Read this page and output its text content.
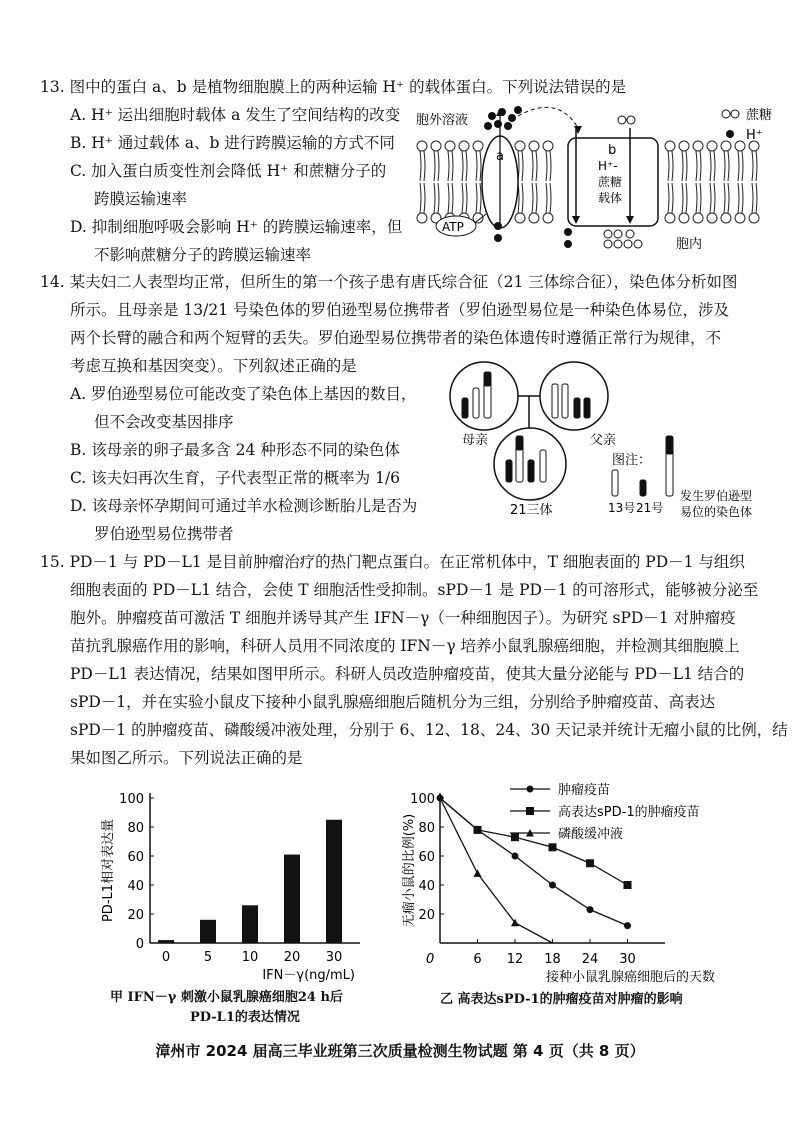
13. 图中的蛋白 a、b 是植物细胞膜上的两种运输 H⁺ 的载体蛋白。下列说法错误的是
A. H⁺ 运出细胞时载体 a 发生了空间结构的改变
B. H⁺ 通过载体 a、b 进行跨膜运输的方式不同
C. 加入蛋白质变性剂会降低 H⁺ 和蔗糖分子的
跨膜运输速率
D. 抑制细胞呼吸会影响 H⁺ 的跨膜运输速率，但
不影响蔗糖分子的跨膜运输速率
胞外溶液
胞内
a
ATP
b
H⁺-
蔗糖
载体
蔗糖
H⁺
14. 某夫妇二人表型均正常，但所生的第一个孩子患有唐氏综合征（21 三体综合征），染色体分析如图
所示。且母亲是 13/21 号染色体的罗伯逊型易位携带者（罗伯逊型易位是一种染色体易位，涉及
两个长臂的融合和两个短臂的丢失。罗伯逊型易位携带者的染色体遗传时遵循正常行为规律，不
考虑互换和基因突变）。下列叙述正确的是
A. 罗伯逊型易位可能改变了染色体上基因的数目，
但不会改变基因排序
B. 该母亲的卵子最多含 24 种形态不同的染色体
C. 该夫妇再次生育，子代表型正常的概率为 1/6
D. 该母亲怀孕期间可通过羊水检测诊断胎儿是否为
罗伯逊型易位携带者
母亲	父亲
21三体
图注：
13号 21号
发生罗伯逊型
易位的染色体
15. PD－1 与 PD－L1 是目前肿瘤治疗的热门靶点蛋白。在正常机体中，T 细胞表面的 PD－1 与组织
细胞表面的 PD－L1 结合，会使 T 细胞活性受抑制。sPD－1 是 PD－1 的可溶形式，能够被分泌至
胞外。肿瘤疫苗可激活 T 细胞并诱导其产生 IFN－γ（一种细胞因子）。为研究 sPD－1 对肿瘤疫
苗抗乳腺癌作用的影响，科研人员用不同浓度的 IFN－γ 培养小鼠乳腺癌细胞，并检测其细胞膜上
PD－L1 表达情况，结果如图甲所示。科研人员改造肿瘤疫苗，使其大量分泌能与 PD－L1 结合的
sPD－1，并在实验小鼠皮下接种小鼠乳腺癌细胞后随机分为三组，分别给予肿瘤疫苗、高表达
sPD－1 的肿瘤疫苗、磷酸缓冲液处理，分别于 6、12、18、24、30 天记录并统计无瘤小鼠的比例，结
果如图乙所示。下列说法正确的是
0
20
40
60
80
100
0	5 10 20 30
IFN－γ(ng/mL)
PD-L1相对表达量	20
40
60
80
100
0	6 12 18 24 30
接种小鼠乳腺癌细胞后的天数
无瘤小鼠的比例(%)
肿瘤疫苗
高表达sPD-1的肿瘤疫苗
磷酸缓冲液
甲 IFN－γ 刺激小鼠乳腺癌细胞24 h后
PD-L1的表达情况
乙 高表达sPD-1的肿瘤疫苗对肿瘤的影响
漳州市 2024 届高三毕业班第三次质量检测生物试题 第 4 页（共 8 页）
